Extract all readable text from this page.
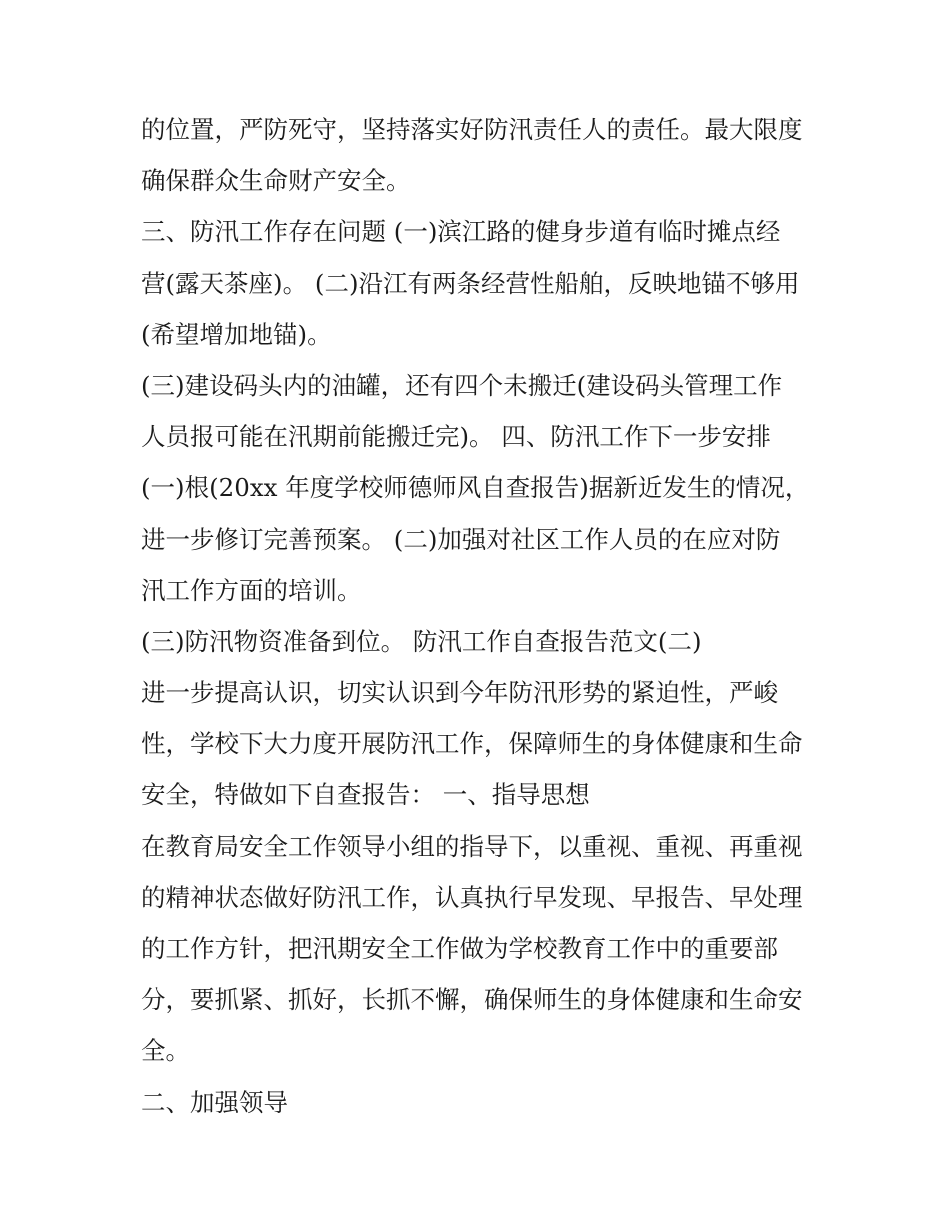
的位置，严防死守，坚持落实好防汛责任人的责任。最大限度
确保群众生命财产安全。
三、防汛工作存在问题 (一)滨江路的健身步道有临时摊点经
营(露天茶座)。 (二)沿江有两条经营性船舶，反映地锚不够用
(希望增加地锚)。
(三)建设码头内的油罐，还有四个未搬迁(建设码头管理工作
人员报可能在汛期前能搬迁完)。 四、防汛工作下一步安排
(一)根(20xx 年度学校师德师风自查报告)据新近发生的情况，
进一步修订完善预案。 (二)加强对社区工作人员的在应对防
汛工作方面的培训。
(三)防汛物资准备到位。 防汛工作自查报告范文(二)
进一步提高认识，切实认识到今年防汛形势的紧迫性，严峻
性，学校下大力度开展防汛工作，保障师生的身体健康和生命
安全，特做如下自查报告： 一、指导思想
在教育局安全工作领导小组的指导下，以重视、重视、再重视
的精神状态做好防汛工作，认真执行早发现、早报告、早处理
的工作方针，把汛期安全工作做为学校教育工作中的重要部
分，要抓紧、抓好，长抓不懈，确保师生的身体健康和生命安
全。
二、加强领导
